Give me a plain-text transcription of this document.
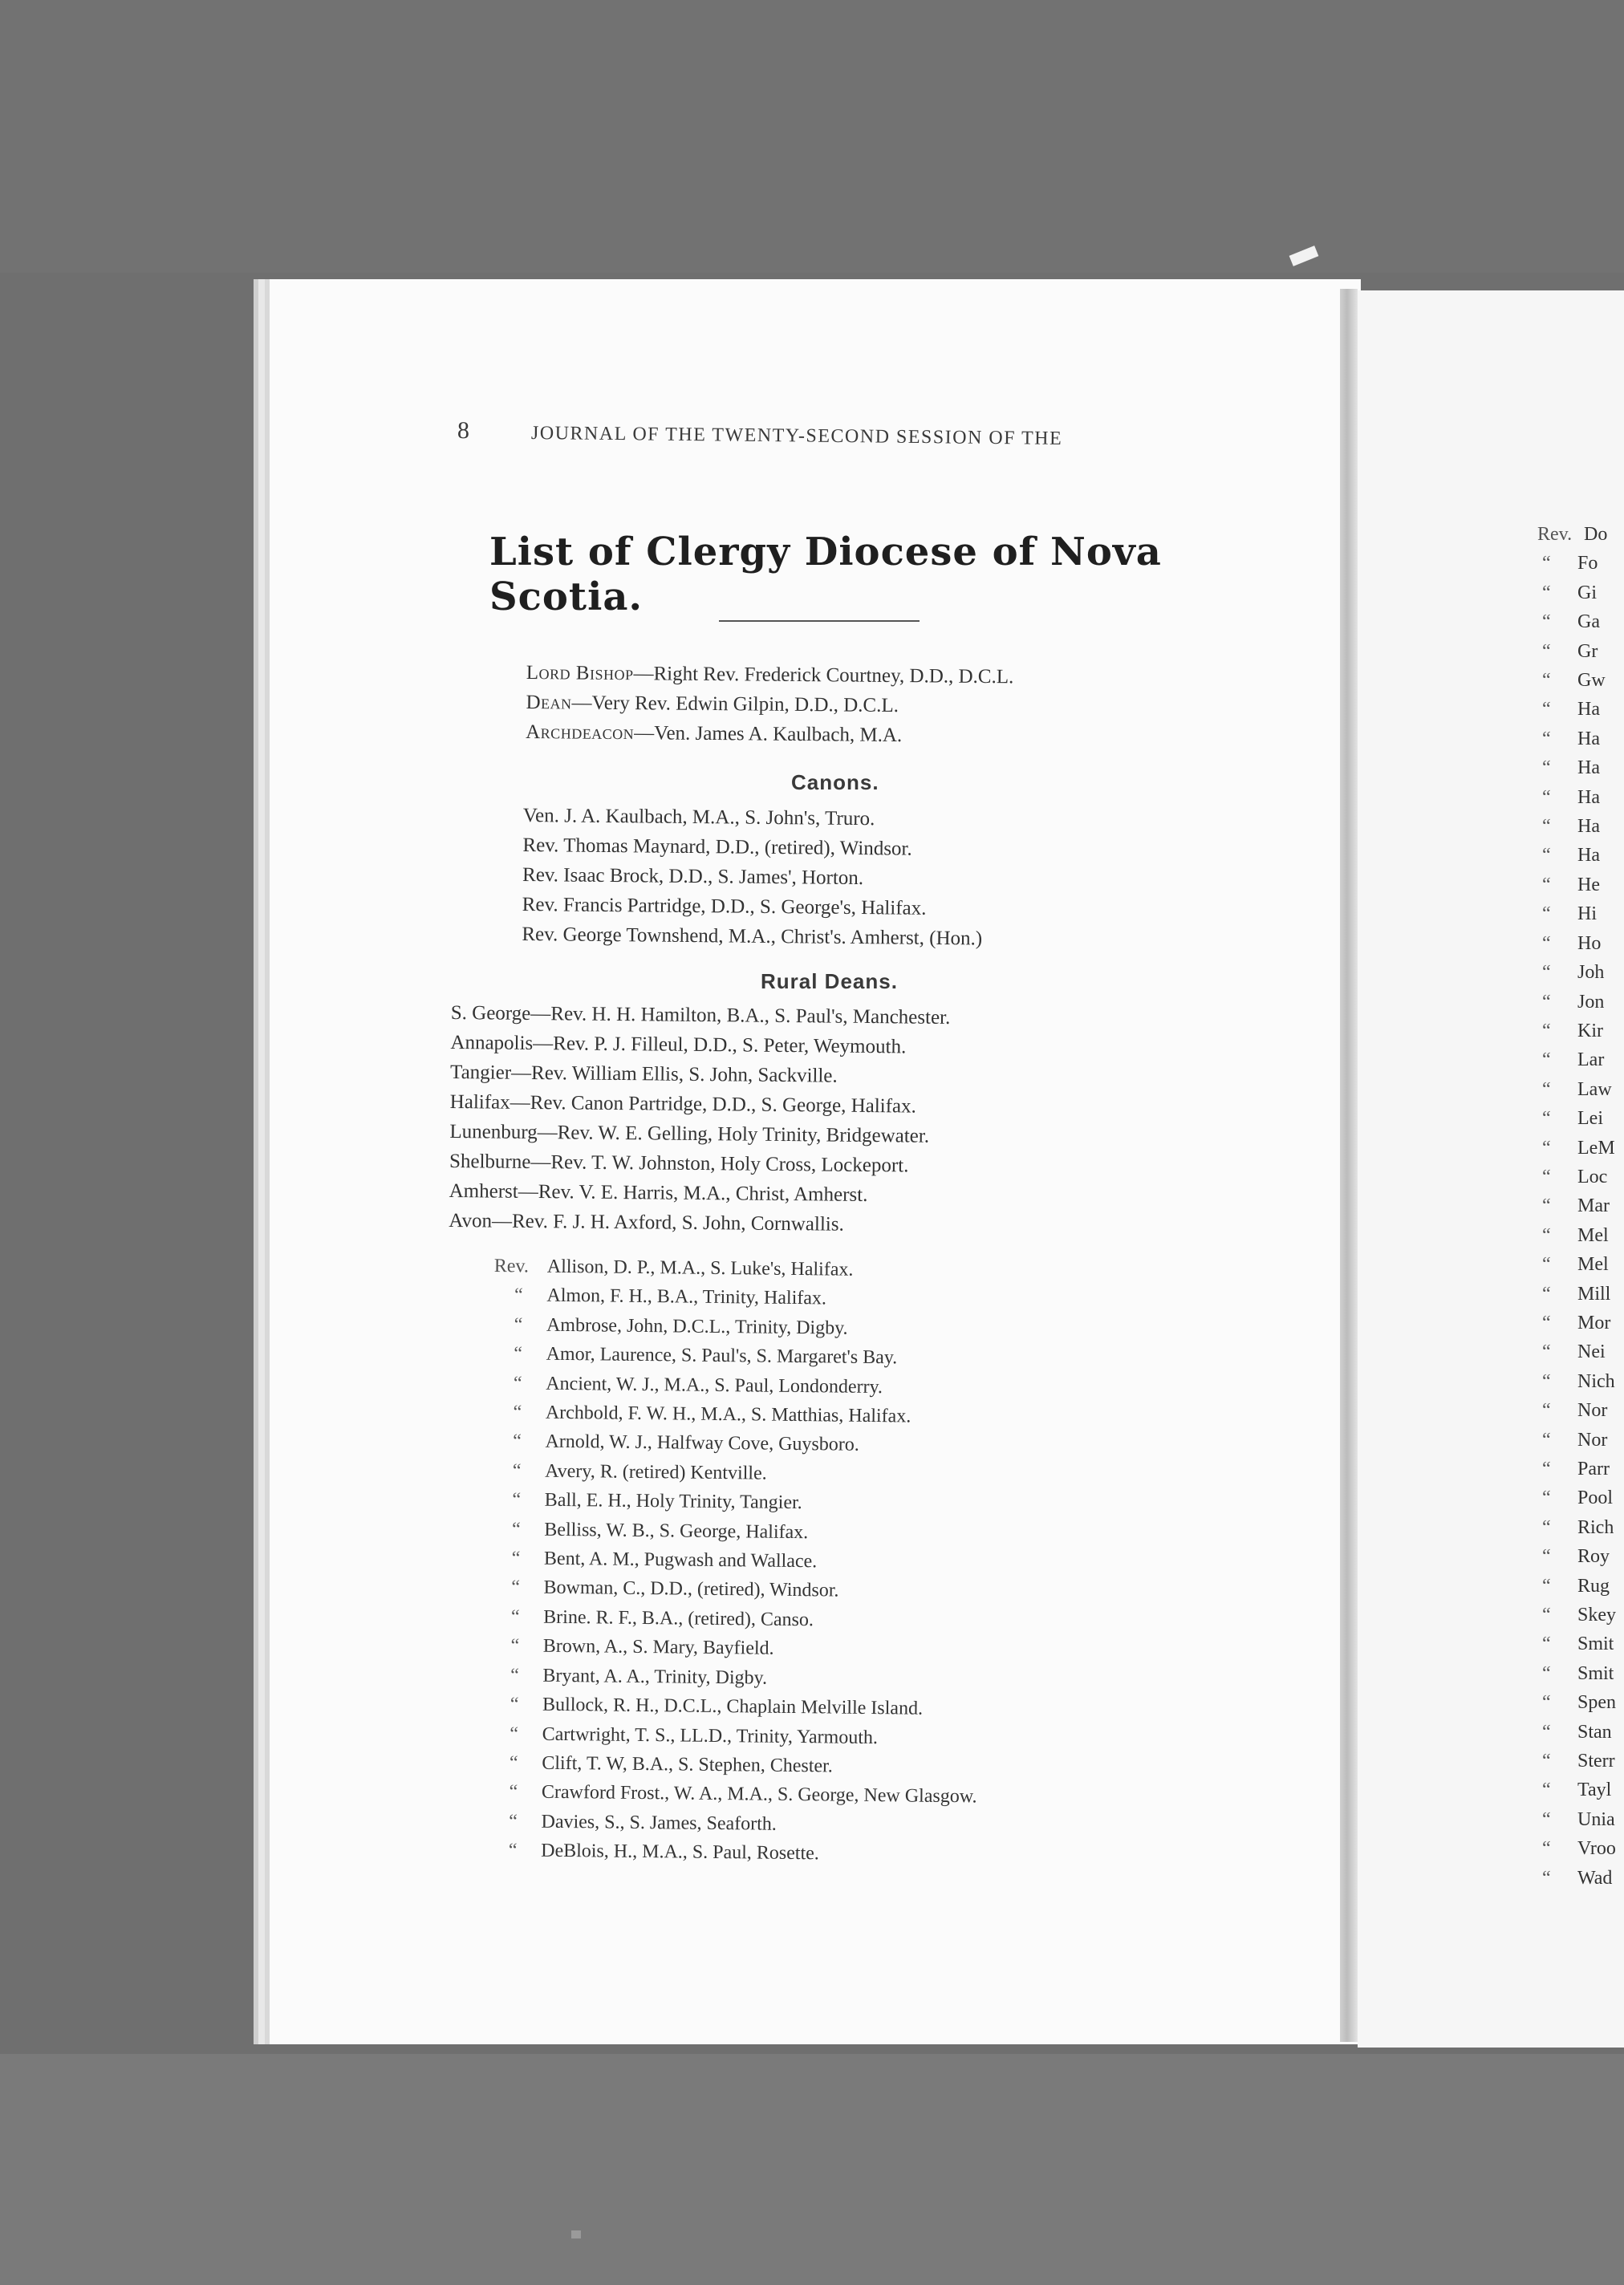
8	JOURNAL OF THE TWENTY-SECOND SESSION OF THE
List of Clergy Diocese of Nova Scotia.
Lord Bishop—Right Rev. Frederick Courtney, D.D., D.C.L.
Dean—Very Rev. Edwin Gilpin, D.D., D.C.L.
Archdeacon—Ven. James A. Kaulbach, M.A.
Canons.
Ven. J. A. Kaulbach, M.A., S. John's, Truro.
Rev. Thomas Maynard, D.D., (retired), Windsor.
Rev. Isaac Brock, D.D., S. James', Horton.
Rev. Francis Partridge, D.D., S. George's, Halifax.
Rev. George Townshend, M.A., Christ's. Amherst, (Hon.)
Rural Deans.
S. George—Rev. H. H. Hamilton, B.A., S. Paul's, Manchester.
Annapolis—Rev. P. J. Filleul, D.D., S. Peter, Weymouth.
Tangier—Rev. William Ellis, S. John, Sackville.
Halifax—Rev. Canon Partridge, D.D., S. George, Halifax.
Lunenburg—Rev. W. E. Gelling, Holy Trinity, Bridgewater.
Shelburne—Rev. T. W. Johnston, Holy Cross, Lockeport.
Amherst—Rev. V. E. Harris, M.A., Christ, Amherst.
Avon—Rev. F. J. H. Axford, S. John, Cornwallis.
Rev. Allison, D. P., M.A., S. Luke's, Halifax.
“ Almon, F. H., B.A., Trinity, Halifax.
“ Ambrose, John, D.C.L., Trinity, Digby.
“ Amor, Laurence, S. Paul's, S. Margaret's Bay.
“ Ancient, W. J., M.A., S. Paul, Londonderry.
“ Archbold, F. W. H., M.A., S. Matthias, Halifax.
“ Arnold, W. J., Halfway Cove, Guysboro.
“ Avery, R. (retired) Kentville.
“ Ball, E. H., Holy Trinity, Tangier.
“ Belliss, W. B., S. George, Halifax.
“ Bent, A. M., Pugwash and Wallace.
“ Bowman, C., D.D., (retired), Windsor.
“ Brine. R. F., B.A., (retired), Canso.
“ Brown, A., S. Mary, Bayfield.
“ Bryant, A. A., Trinity, Digby.
“ Bullock, R. H., D.C.L., Chaplain Melville Island.
“ Cartwright, T. S., LL.D., Trinity, Yarmouth.
“ Clift, T. W, B.A., S. Stephen, Chester.
“ Crawford Frost., W. A., M.A., S. George, New Glasgow.
“ Davies, S., S. James, Seaforth.
“ DeBlois, H., M.A., S. Paul, Rosette.
Rev. Do
“ Fo
“ Gi
“ Ga
“ Gr
“ Gw
“ Ha
“ Ha
“ Ha
“ Ha
“ Ha
“ Ha
“ He
“ Hi
“ Ho
“ Joh
“ Jon
“ Kir
“ Lar
“ Law
“ Lei
“ LeM
“ Loc
“ Mar
“ Mel
“ Mel
“ Mill
“ Mor
“ Nei
“ Nich
“ Nor
“ Nor
“ Parr
“ Pool
“ Rich
“ Roy
“ Rug
“ Skey
“ Smit
“ Smit
“ Spen
“ Stan
“ Sterr
“ Tayl
“ Unia
“ Vroo
“ Wad
